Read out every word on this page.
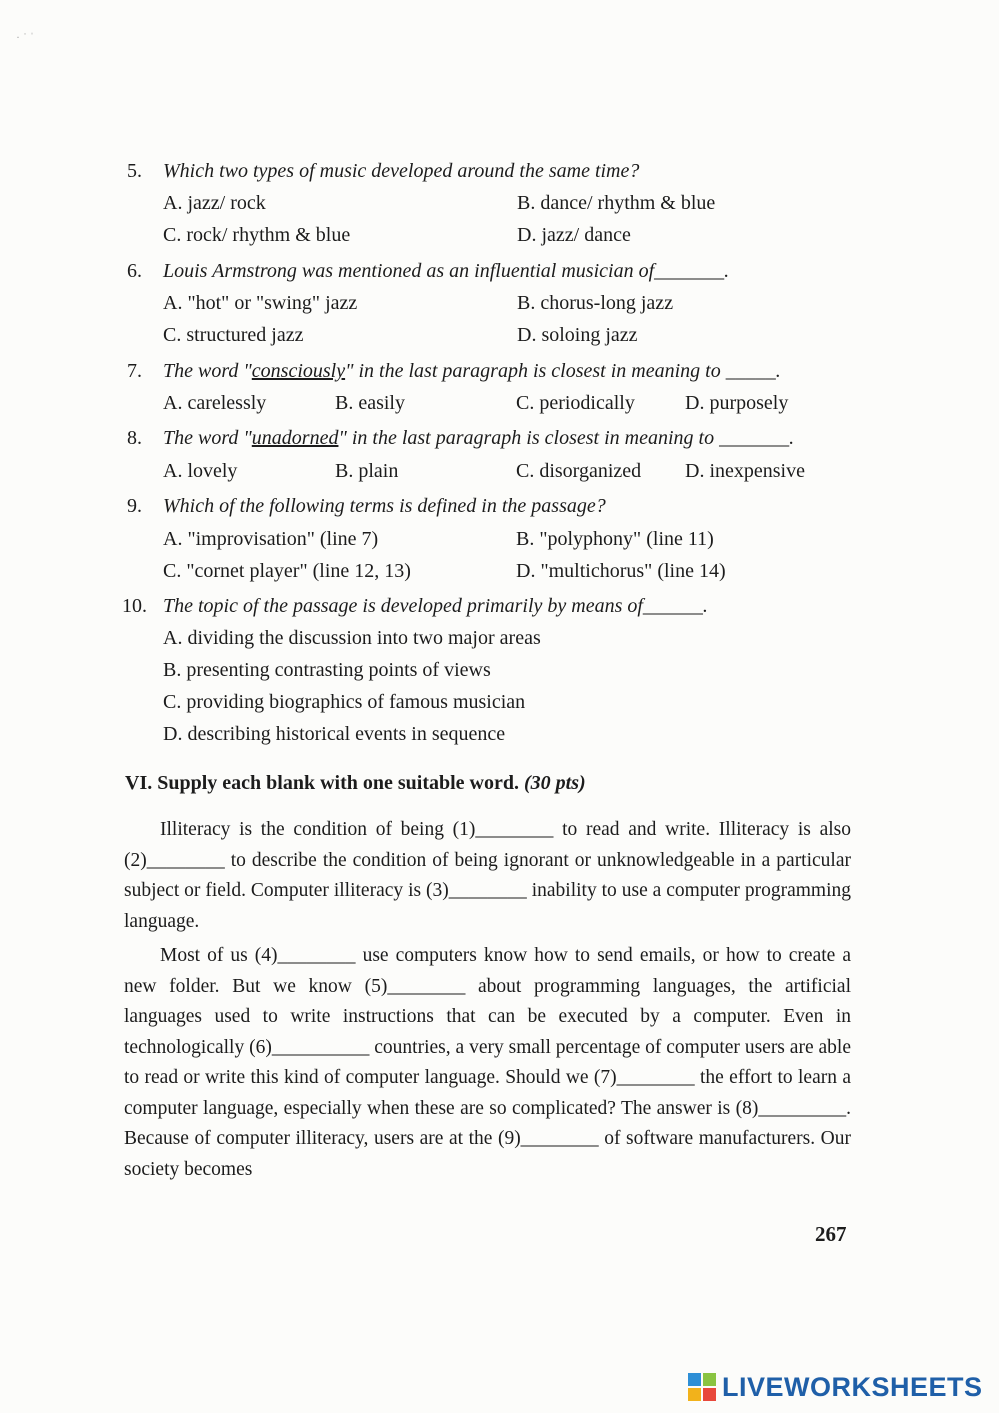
· ˙ ˈ
5. Which two types of music developed around the same time?
A. jazz/ rock	B. dance/ rhythm & blue
C. rock/ rhythm & blue	D. jazz/ dance
6. Louis Armstrong was mentioned as an influential musician of_______.
A. "hot" or "swing" jazz	B. chorus-long jazz
C. structured jazz	D. soloing jazz
7. The word "consciously" in the last paragraph is closest in meaning to _____.
A. carelessly	B. easily	C. periodically	D. purposely
8. The word "unadorned" in the last paragraph is closest in meaning to _______.
A. lovely	B. plain	C. disorganized D. inexpensive
9. Which of the following terms is defined in the passage?
A. "improvisation" (line 7)	B. "polyphony" (line 11)
C. "cornet player" (line 12, 13)	D. "multichorus" (line 14)
10. The topic of the passage is developed primarily by means of______.
A. dividing the discussion into two major areas
B. presenting contrasting points of views
C. providing biographics of famous musician
D. describing historical events in sequence
VI. Supply each blank with one suitable word. (30 pts)
Illiteracy is the condition of being (1)________ to read and write. Illiteracy is also (2)________ to describe the condition of being ignorant or unknowledgeable in a particular subject or field. Computer illiteracy is (3)________ inability to use a computer programming language.
Most of us (4)________ use computers know how to send emails, or how to create a new folder. But we know (5)________ about programming languages, the artificial languages used to write instructions that can be executed by a computer. Even in technologically (6)__________ countries, a very small percentage of computer users are able to read or write this kind of computer language. Should we (7)________ the effort to learn a computer language, especially when these are so complicated? The answer is (8)_________. Because of computer illiteracy, users are at the (9)________ of software manufacturers. Our society becomes
267
LIVEWORKSHEETS
